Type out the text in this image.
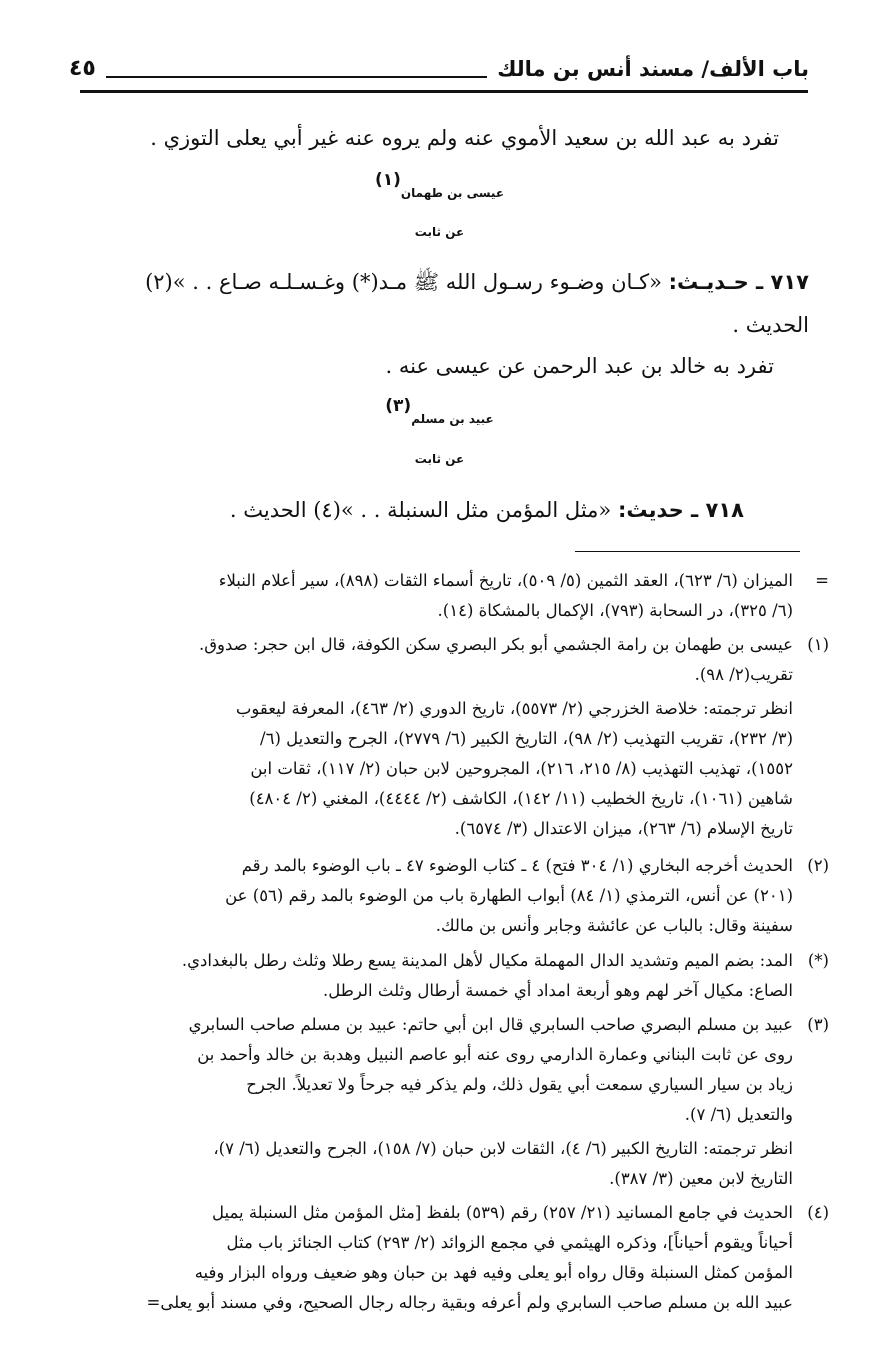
باب الألف/ مسند أنس بن مالك
٤٥
تفرد به عبد الله بن سعيد الأموي عنه ولم يروه عنه غير أبي يعلى التوزي .
عيسى بن طهمان$^{(١)}$
عن ثابت
٧١٧ ـ حـديـث: «كـان وضـوء رسـول الله ﷺ مـد(*) وغـسـلـه صـاع . . »(٢)
الحديث .
تفرد به خالد بن عبد الرحمن عن عيسى عنه .
عبيد بن مسلم$^{(٣)}$
عن ثابت
٧١٨ ـ حديث: «مثل المؤمن مثل السنبلة . . »(٤) الحديث .
=
الميزان (٦/ ٦٢٣)، العقد الثمين (٥/ ٥٠٩)، تاريخ أسماء الثقات (٨٩٨)، سير أعلام النبلاء
(٦/ ٣٢٥)، در السحابة (٧٩٣)، الإكمال بالمشكاة (١٤).
(١)
عيسى بن طهمان بن رامة الجشمي أبو بكر البصري سكن الكوفة، قال ابن حجر: صدوق.
تقريب(٢/ ٩٨).
انظر ترجمته: خلاصة الخزرجي (٢/ ٥٥٧٣)، تاريخ الدوري (٢/ ٤٦٣)، المعرفة ليعقوب
(٣/ ٢٣٢)، تقريب التهذيب (٢/ ٩٨)، التاريخ الكبير (٦/ ٢٧٧٩)، الجرح والتعديل (٦/
١٥٥٢)، تهذيب التهذيب (٨/ ٢١٥، ٢١٦)، المجروحين لابن حبان (٢/ ١١٧)، ثقات ابن
شاهين (١٠٦١)، تاريخ الخطيب (١١/ ١٤٢)، الكاشف (٢/ ٤٤٤٤)، المغني (٢/ ٤٨٠٤)
تاريخ الإسلام (٦/ ٢٦٣)، ميزان الاعتدال (٣/ ٦٥٧٤).
(٢)
الحديث أخرجه البخاري (١/ ٣٠٤ فتح) ٤ ـ كتاب الوضوء ٤٧ ـ باب الوضوء بالمد رقم
(٢٠١) عن أنس، الترمذي (١/ ٨٤) أبواب الطهارة باب من الوضوء بالمد رقم (٥٦) عن
سفينة وقال: بالباب عن عائشة وجابر وأنس بن مالك.
(*)
المد: بضم الميم وتشديد الدال المهملة مكيال لأهل المدينة يسع رطلا وثلث رطل بالبغدادي.
الصاع: مكيال آخر لهم وهو أربعة امداد أي خمسة أرطال وثلث الرطل.
(٣)
عبيد بن مسلم البصري صاحب السابري قال ابن أبي حاتم: عبيد بن مسلم صاحب السابري
روى عن ثابت البناني وعمارة الدارمي روى عنه أبو عاصم النبيل وهدبة بن خالد وأحمد بن
زياد بن سيار السياري سمعت أبي يقول ذلك، ولم يذكر فيه جرحاً ولا تعديلاً. الجرح
والتعديل (٦/ ٧).
انظر ترجمته: التاريخ الكبير (٦/ ٤)، الثقات لابن حبان (٧/ ١٥٨)، الجرح والتعديل (٦/ ٧)،
التاريخ لابن معين (٣/ ٣٨٧).
(٤)
الحديث في جامع المسانيد (٢١/ ٢٥٧) رقم (٥٣٩) بلفظ [مثل المؤمن مثل السنبلة يميل
أحياناً ويقوم أحياناً]، وذكره الهيثمي في مجمع الزوائد (٢/ ٢٩٣) كتاب الجنائز باب مثل
المؤمن كمثل السنبلة وقال رواه أبو يعلى وفيه فهد بن حبان وهو ضعيف ورواه البزار وفيه
عبيد الله بن مسلم صاحب السابري ولم أعرفه وبقية رجاله رجال الصحيح، وفي مسند أبو يعلى=
